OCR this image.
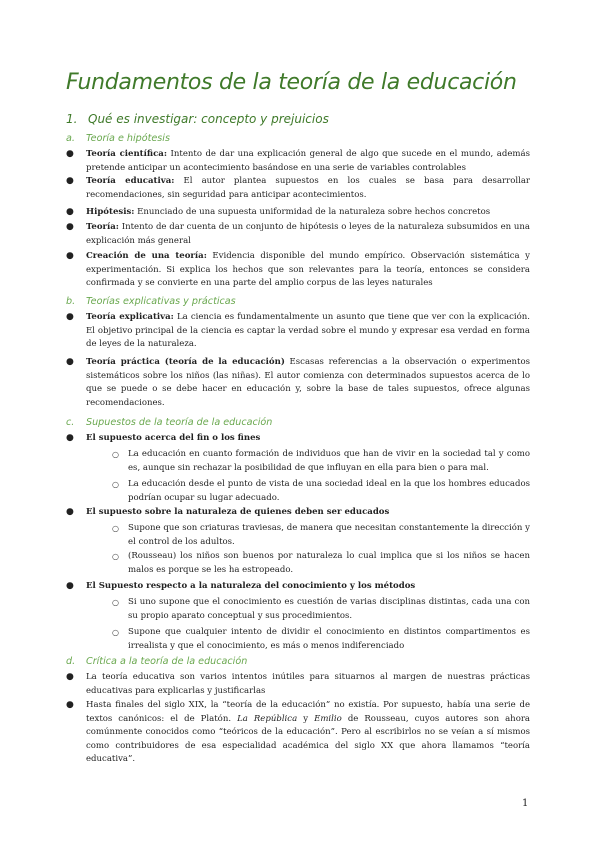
Fundamentos de la teoría de la educación
1. Qué es investigar: concepto y prejuicios
a. Teoría e hipótesis
● Teoría científica: Intento de dar una explicación general de algo que sucede en el mundo, además pretende anticipar un acontecimiento basándose en una serie de variables controlables
● Teoría educativa: El autor plantea supuestos en los cuales se basa para desarrollar recomendaciones, sin seguridad para anticipar acontecimientos.
● Hipótesis: Enunciado de una supuesta uniformidad de la naturaleza sobre hechos concretos
● Teoría: Intento de dar cuenta de un conjunto de hipótesis o leyes de la naturaleza subsumidos en una explicación más general
● Creación de una teoría: Evidencia disponible del mundo empírico. Observación sistemática y experimentación. Si explica los hechos que son relevantes para la teoría, entonces se considera confirmada y se convierte en una parte del amplio corpus de las leyes naturales
b. Teorías explicativas y prácticas
● Teoría explicativa: La ciencia es fundamentalmente un asunto que tiene que ver con la explicación. El objetivo principal de la ciencia es captar la verdad sobre el mundo y expresar esa verdad en forma de leyes de la naturaleza.
● Teoría práctica (teoría de la educación) Escasas referencias a la observación o experimentos sistemáticos sobre los niños (las niñas). El autor comienza con determinados supuestos acerca de lo que se puede o se debe hacer en educación y, sobre la base de tales supuestos, ofrece algunas recomendaciones.
c. Supuestos de la teoría de la educación
● El supuesto acerca del fin o los fines
○ La educación en cuanto formación de individuos que han de vivir en la sociedad tal y como es, aunque sin rechazar la posibilidad de que influyan en ella para bien o para mal.
○ La educación desde el punto de vista de una sociedad ideal en la que los hombres educados podrían ocupar su lugar adecuado.
● El supuesto sobre la naturaleza de quienes deben ser educados
○ Supone que son criaturas traviesas, de manera que necesitan constantemente la dirección y el control de los adultos.
○ (Rousseau) los niños son buenos por naturaleza lo cual implica que si los niños se hacen malos es porque se les ha estropeado.
● El Supuesto respecto a la naturaleza del conocimiento y los métodos
○ Si uno supone que el conocimiento es cuestión de varias disciplinas distintas, cada una con su propio aparato conceptual y sus procedimientos.
○ Supone que cualquier intento de dividir el conocimiento en distintos compartimentos es irrealista y que el conocimiento, es más o menos indiferenciado
d. Crítica a la teoría de la educación
● La teoría educativa son varios intentos inútiles para situarnos al margen de nuestras prácticas educativas para explicarlas y justificarlas
● Hasta finales del siglo XIX, la “teoría de la educación” no existía. Por supuesto, había una serie de textos canónicos: el de Platón. La República y Emilio de Rousseau, cuyos autores son ahora comúnmente conocidos como “teóricos de la educación”. Pero al escribirlos no se veían a sí mismos como contribuidores de esa especialidad académica del siglo XX que ahora llamamos “teoría educativa”.
1
